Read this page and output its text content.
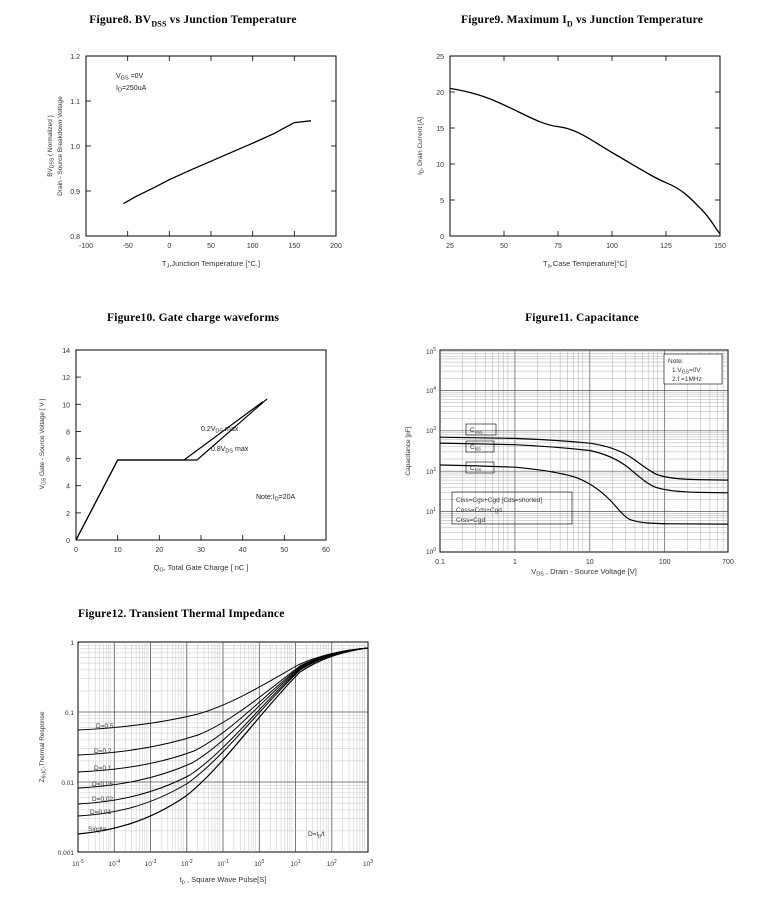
Figure8. $BV_{DSS}$ vs Junction Temperature
-100	-50	0	50	100	150	200
0.8
0.9
1.0
1.1
1.2
$T_J,Junction$ Temperature [°C.]
$BV_{DSS}$ ( Normalized ) Drain - Source Breakdown Voltage
$V_{GS} =0V$
$I_D=250uA$
Figure9. Maximum $I_D$ vs Junction Temperature
25	50	75	100	125	150
0
5
10
15
20
25
$T_a,Case$ Temperature[°C]
$I_D$, Drain Current [A]
Figure10. Gate charge waveforms
0	10	20	30	40	50	60
0
2
4
6
8
10
12
14
$Q_G$, Total Gate Charge [ nC ]
$V_{GS}$ Gate - Source Voltage [ V ]	$0.2V_{DS}$ max
$0.8V_{DS}$ max
$Note:I_D=20A$
Figure11. Capacitance
$10^0$
$10^1$
$10^2$
$10^3$
$10^4$
$10^5$
0.1	1	10	100	700
Capacitance [pF]	$C_{oss}$
$C_{iss}$
$C_{rss}$
Note:
$1.V_{GS}=0V$
2.f =1MHz
Ciss=Cgs+Cgd [Cds=shorted]
Coss=Cds+Cgd
Crss=Cgd
$V_{DS}$ , Drain - Source Voltage [V]
Figure12. Transient Thermal Impedance
1
0.1
0.01
0.001
$10^{-5}$	$10^{-4}$	$10^{-3}$	$10^{-2}$	$10^{-1}$	$10^0$	$10^1$	$10^2$	$10^3$
$t_p$ , Square Wave Pulse[S]
$Z_{thJC},Thermal$ Response	D=0.5
D=0.2
D=0.1
D=0.05
D=0.02
D=0.01
Single
$D=t_p/t$
